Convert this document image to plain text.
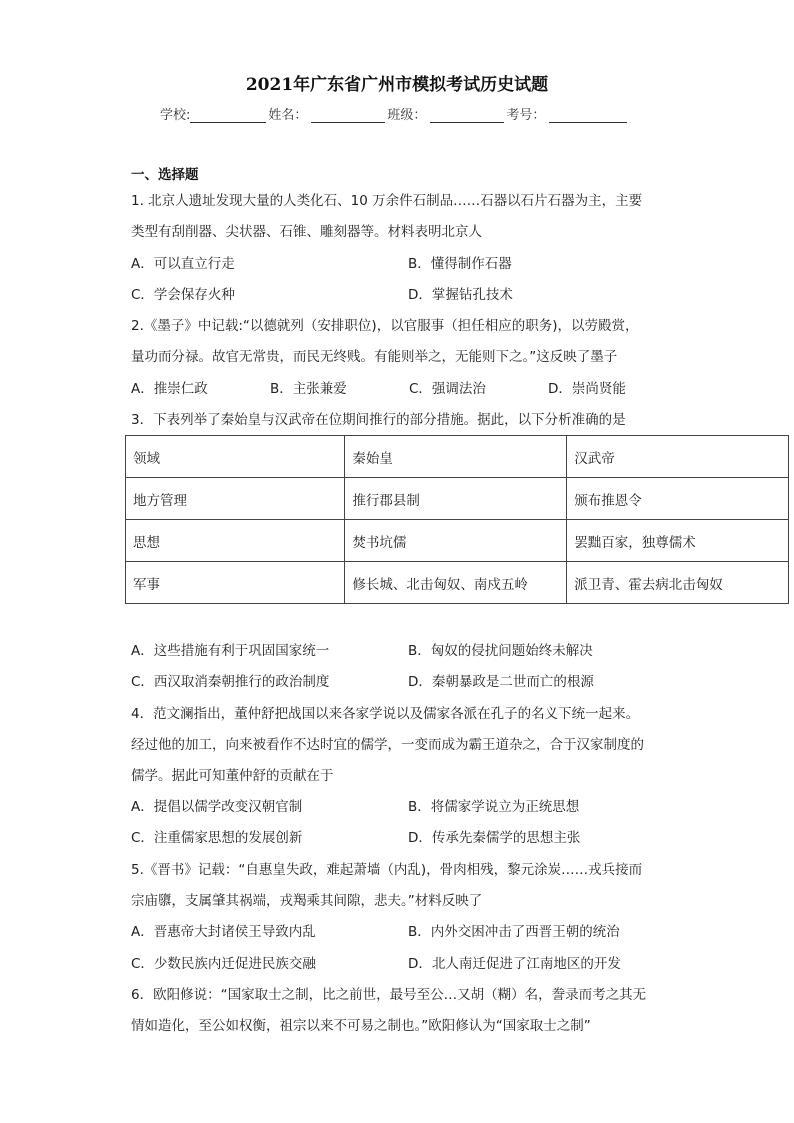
2021年广东省广州市模拟考试历史试题
学校:	姓名：	班级：	考号：
一、选择题
1. 北京人遗址发现大量的人类化石、10 万余件石制品……石器以石片石器为主，主要
类型有刮削器、尖状器、石锥、雕刻器等。材料表明北京人
A．可以直立行走	B．懂得制作石器
C．学会保存火种	D．掌握钻孔技术
2.《墨子》中记载:“以德就列（安排职位)，以官服事（担任相应的职务)，以劳殿赏，
量功而分禄。故官无常贵，而民无终贱。有能则举之，无能则下之。”这反映了墨子
A．推崇仁政	B．主张兼爱	C．强调法治	D．崇尚贤能
3．下表列举了秦始皇与汉武帝在位期间推行的部分措施。据此，以下分析准确的是
领域	秦始皇	汉武帝
地方管理	推行郡县制	颁布推恩令
思想	焚书坑儒	罢黜百家，独尊儒术
军事	修长城、北击匈奴、南戍五岭	派卫青、霍去病北击匈奴
A．这些措施有利于巩固国家统一	B．匈奴的侵扰问题始终未解决
C．西汉取消秦朝推行的政治制度	D．秦朝暴政是二世而亡的根源
4．范文澜指出，董仲舒把战国以来各家学说以及儒家各派在孔子的名义下统一起来。
经过他的加工，向来被看作不达时宜的儒学，一变而成为霸王道杂之，合于汉家制度的
儒学。据此可知董仲舒的贡献在于
A．提倡以儒学改变汉朝官制	B．将儒家学说立为正统思想
C．注重儒家思想的发展创新	D．传承先秦儒学的思想主张
5.《晋书》记载：“自惠皇失政，难起萧墙（内乱)，骨肉相残，黎元涂炭……戎兵接而
宗庙隳，支属肇其祸端，戎羯乘其间隙，悲夫。”材料反映了
A．晋惠帝大封诸侯王导致内乱	B．内外交困冲击了西晋王朝的统治
C．少数民族内迁促进民族交融	D．北人南迁促进了江南地区的开发
6．欧阳修说：“国家取士之制，比之前世，最号至公…又胡（糊）名，誊录而考之其无
情如造化，至公如权衡，祖宗以来不可易之制也。”欧阳修认为“国家取士之制”
